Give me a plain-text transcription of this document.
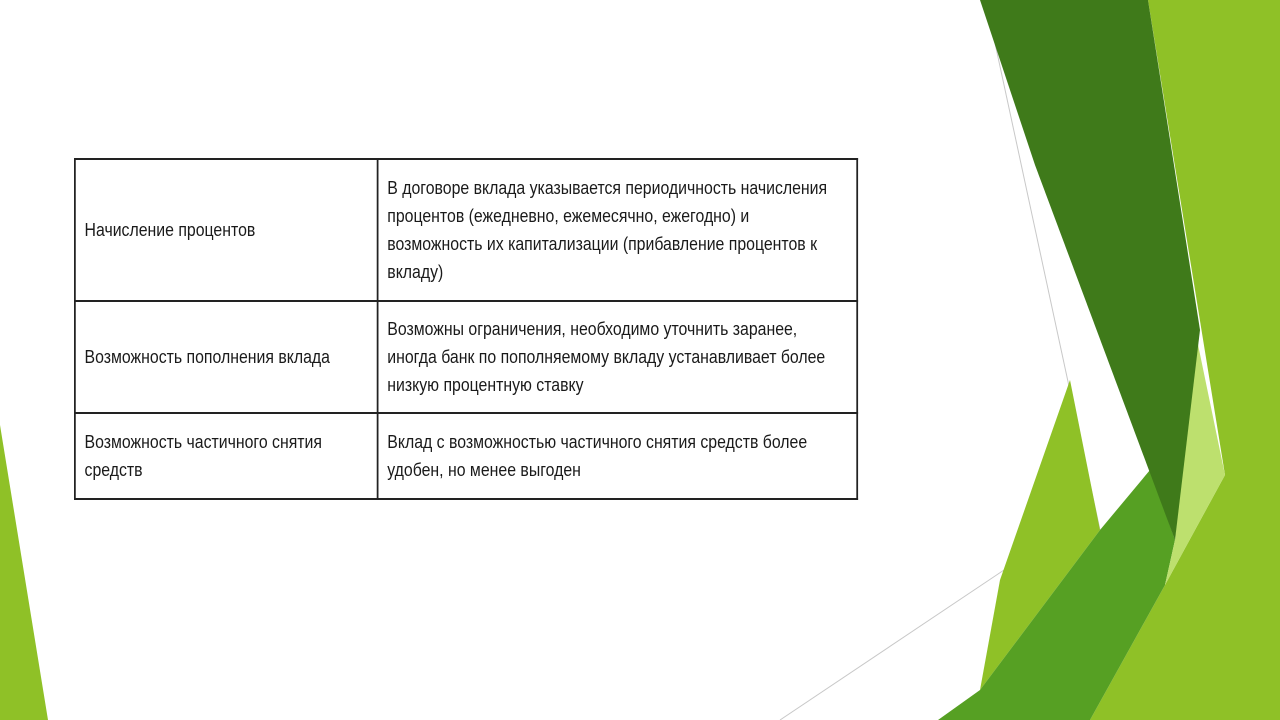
Начисление процентов	В договоре вклада указывается периодичность начисления процентов (ежедневно, ежемесячно, ежегодно) и возможность их капитализации (прибавление процентов к вкладу)
Возможность пополнения вклада	Возможны ограничения, необходимо уточнить заранее, иногда банк по пополняемому вкладу устанавливает более низкую процентную ставку
Возможность частичного снятия средств	Вклад с возможностью частичного снятия средств более удобен, но менее выгоден
